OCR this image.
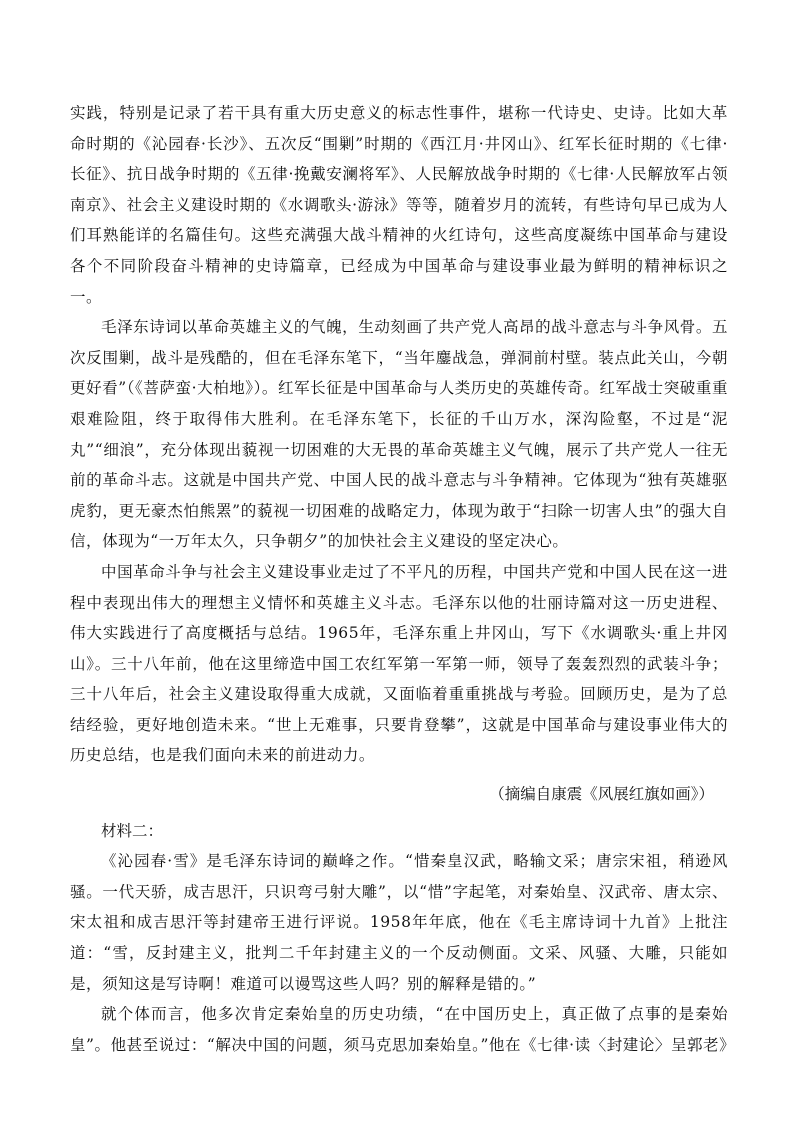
实践，特别是记录了若干具有重大历史意义的标志性事件，堪称一代诗史、史诗。比如大革命时期的《沁园春·长沙》、五次反“围剿”时期的《西江月·井冈山》、红军长征时期的《七律·长征》、抗日战争时期的《五律·挽戴安澜将军》、人民解放战争时期的《七律·人民解放军占领南京》、社会主义建设时期的《水调歌头·游泳》等等，随着岁月的流转，有些诗句早已成为人们耳熟能详的名篇佳句。这些充满强大战斗精神的火红诗句，这些高度凝练中国革命与建设各个不同阶段奋斗精神的史诗篇章，已经成为中国革命与建设事业最为鲜明的精神标识之一。

毛泽东诗词以革命英雄主义的气魄，生动刻画了共产党人高昂的战斗意志与斗争风骨。五次反围剿，战斗是残酷的，但在毛泽东笔下，“当年鏖战急，弹洞前村壁。装点此关山，今朝更好看”（《菩萨蛮·大柏地》）。红军长征是中国革命与人类历史的英雄传奇。红军战士突破重重艰难险阻，终于取得伟大胜利。在毛泽东笔下，长征的千山万水，深沟险壑，不过是“泥丸”“细浪”，充分体现出藐视一切困难的大无畏的革命英雄主义气魄，展示了共产党人一往无前的革命斗志。这就是中国共产党、中国人民的战斗意志与斗争精神。它体现为“独有英雄驱虎豹，更无豪杰怕熊罴”的藐视一切困难的战略定力，体现为敢于“扫除一切害人虫”的强大自信，体现为“一万年太久，只争朝夕”的加快社会主义建设的坚定决心。

中国革命斗争与社会主义建设事业走过了不平凡的历程，中国共产党和中国人民在这一进程中表现出伟大的理想主义情怀和英雄主义斗志。毛泽东以他的壮丽诗篇对这一历史进程、伟大实践进行了高度概括与总结。1965年，毛泽东重上井冈山，写下《水调歌头·重上井冈山》。三十八年前，他在这里缔造中国工农红军第一军第一师，领导了轰轰烈烈的武装斗争；三十八年后，社会主义建设取得重大成就，又面临着重重挑战与考验。回顾历史，是为了总结经验，更好地创造未来。“世上无难事，只要肯登攀”，这就是中国革命与建设事业伟大的历史总结，也是我们面向未来的前进动力。

（摘编自康震《风展红旗如画》）

材料二：

《沁园春·雪》是毛泽东诗词的巅峰之作。“惜秦皇汉武，略输文采；唐宗宋祖，稍逊风骚。一代天骄，成吉思汗，只识弯弓射大雕”，以“惜”字起笔，对秦始皇、汉武帝、唐太宗、宋太祖和成吉思汗等封建帝王进行评说。1958年年底，他在《毛主席诗词十九首》上批注道：“雪，反封建主义，批判二千年封建主义的一个反动侧面。文采、风骚、大雕，只能如是，须知这是写诗啊！难道可以谩骂这些人吗？别的解释是错的。”

就个体而言，他多次肯定秦始皇的历史功绩，“在中国历史上，真正做了点事的是秦始皇”。他甚至说过：“解决中国的问题，须马克思加秦始皇。”他在《七律·读〈封建论〉呈郭老》
